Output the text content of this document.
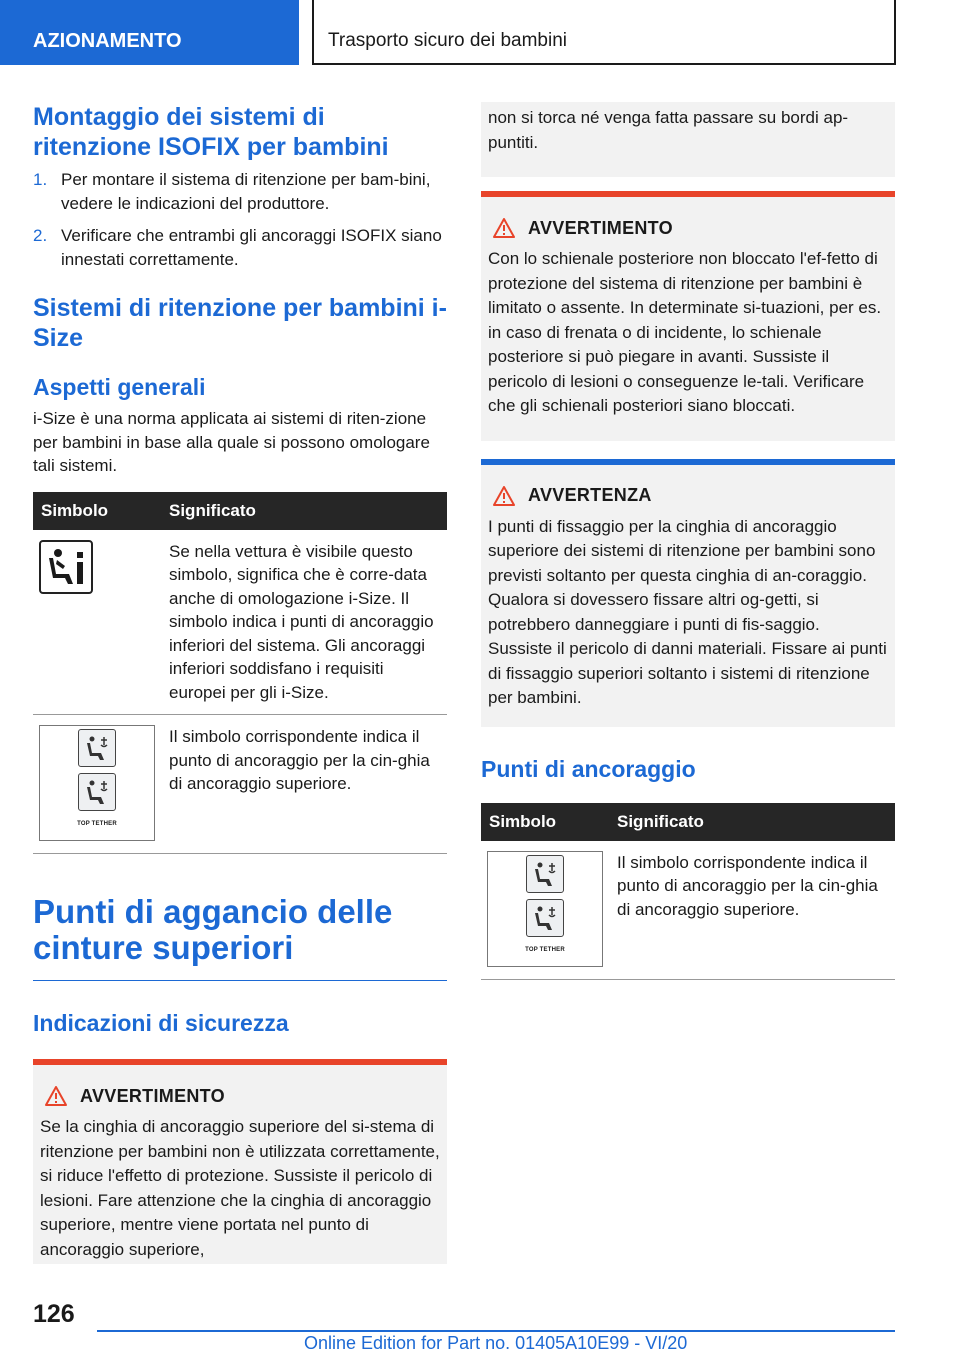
AZIONAMENTO	Trasporto sicuro dei bambini
Montaggio dei sistemi di ritenzione ISOFIX per bambini
1. Per montare il sistema di ritenzione per bam-bini, vedere le indicazioni del produttore.
2. Verificare che entrambi gli ancoraggi ISOFIX siano innestati correttamente.
Sistemi di ritenzione per bambini i-Size
Aspetti generali
i-Size è una norma applicata ai sistemi di riten-zione per bambini in base alla quale si possono omologare tali sistemi.
Simbolo	Significato

	Se nella vettura è visibile questo simbolo, significa che è corre-data anche di omologazione i-Size. Il simbolo indica i punti di ancoraggio inferiori del sistema. Gli ancoraggi inferiori soddisfano i requisiti europei per gli i-Size.

TOP TETHER	Il simbolo corrispondente indica il punto di ancoraggio per la cin-ghia di ancoraggio superiore.
Punti di aggancio delle cinture superiori
Indicazioni di sicurezza
AVVERTIMENTO
Se la cinghia di ancoraggio superiore del si-stema di ritenzione per bambini non è utilizzata correttamente, si riduce l'effetto di protezione. Sussiste il pericolo di lesioni. Fare attenzione che la cinghia di ancoraggio superiore, mentre viene portata nel punto di ancoraggio superiore,
non si torca né venga fatta passare su bordi ap-puntiti.
AVVERTIMENTO
Con lo schienale posteriore non bloccato l'ef-fetto di protezione del sistema di ritenzione per bambini è limitato o assente. In determinate si-tuazioni, per es. in caso di frenata o di incidente, lo schienale posteriore si può piegare in avanti. Sussiste il pericolo di lesioni o conseguenze le-tali. Verificare che gli schienali posteriori siano bloccati.
AVVERTENZA
I punti di fissaggio per la cinghia di ancoraggio superiore dei sistemi di ritenzione per bambini sono previsti soltanto per questa cinghia di an-coraggio. Qualora si dovessero fissare altri og-getti, si potrebbero danneggiare i punti di fis-saggio. Sussiste il pericolo di danni materiali. Fissare ai punti di fissaggio superiori soltanto i sistemi di ritenzione per bambini.
Punti di ancoraggio
Simbolo	Significato

TOP TETHER	Il simbolo corrispondente indica il punto di ancoraggio per la cin-ghia di ancoraggio superiore.
126
Online Edition for Part no. 01405A10E99 - VI/20
